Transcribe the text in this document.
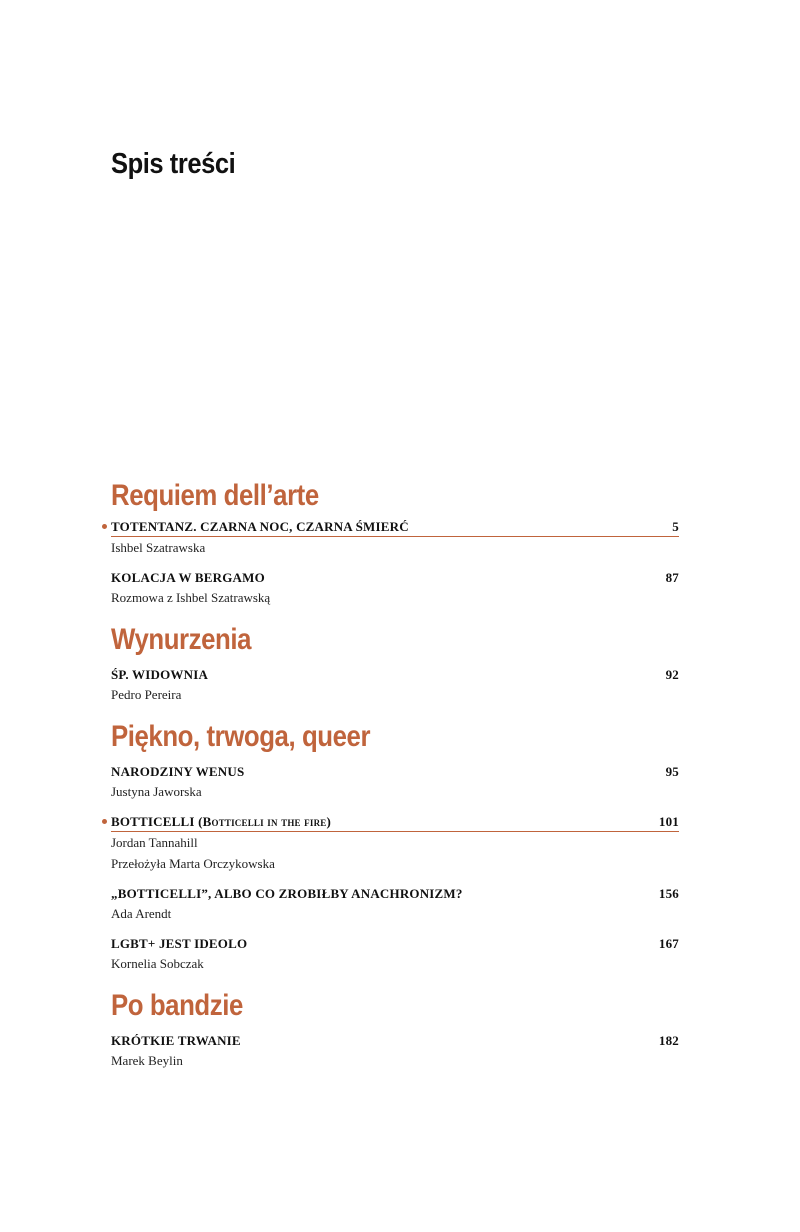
Spis treści
Requiem dell’arte
TOTENTANZ. CZARNA NOC, CZARNA ŚMIERĆ	5
Ishbel Szatrawska
KOLACJA W BERGAMO	87
Rozmowa z Ishbel Szatrawską
Wynurzenia
ŚP. WIDOWNIA	92
Pedro Pereira
Piękno, trwoga, queer
NARODZINY WENUS	95
Justyna Jaworska
BOTTICELLI (Botticelli in the fire)	101
Jordan Tannahill
Przełożyła Marta Orczykowska
„BOTTICELLI”, ALBO CO ZROBIŁBY ANACHRONIZM?	156
Ada Arendt
LGBT+ JEST IDEOLO	167
Kornelia Sobczak
Po bandzie
KRÓTKIE TRWANIE	182
Marek Beylin
